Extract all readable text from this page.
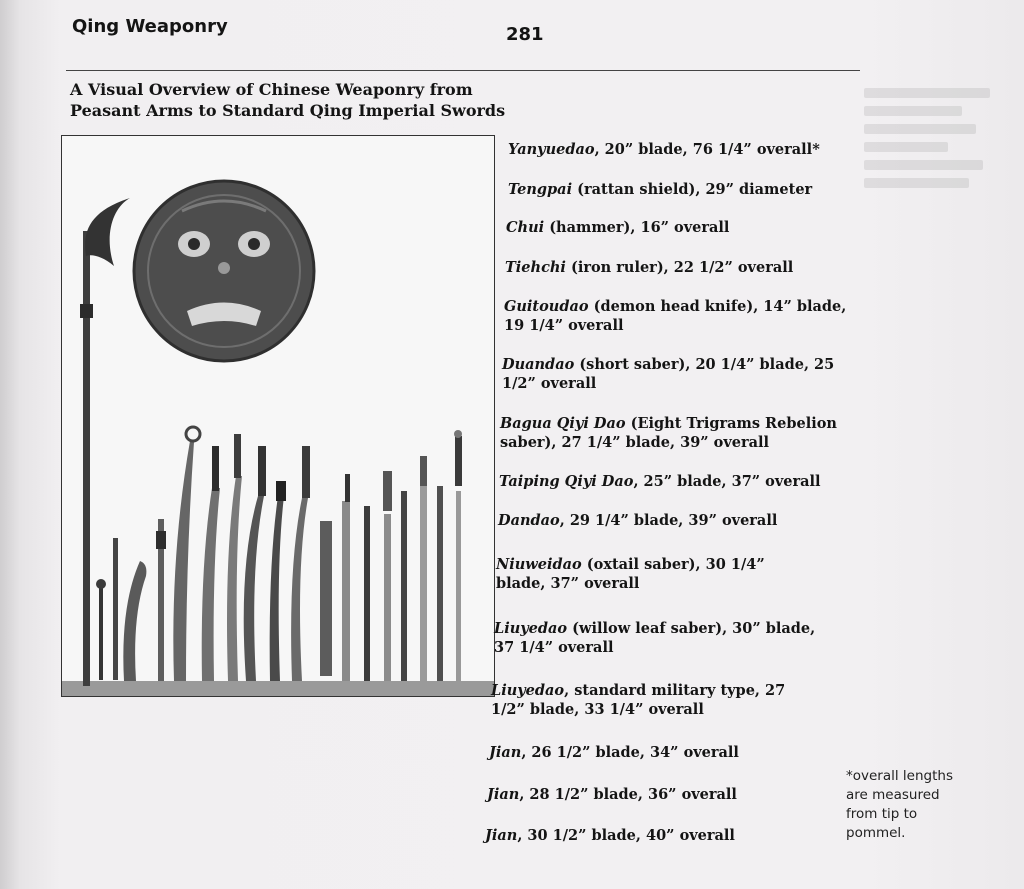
Qing Weaponry	281
A Visual Overview of Chinese Weaponry from
Peasant Arms to Standard Qing Imperial Swords
Yanyuedao, 20” blade, 76 1/4” overall*
Tengpai (rattan shield), 29” diameter
Chui (hammer), 16” overall
Tiehchi (iron ruler), 22 1/2” overall
Guitoudao (demon head knife), 14” blade,
19 1/4” overall
Duandao (short saber), 20 1/4” blade, 25
1/2” overall
Bagua Qiyi Dao (Eight Trigrams Rebelion
saber), 27 1/4” blade, 39” overall
Taiping Qiyi Dao, 25” blade, 37” overall
Dandao, 29 1/4” blade, 39” overall
Niuweidao (oxtail saber), 30 1/4”
blade, 37” overall
Liuyedao (willow leaf saber), 30” blade,
37 1/4” overall
Liuyedao, standard military type, 27
1/2” blade, 33 1/4” overall
Jian, 26 1/2” blade, 34” overall
Jian, 28 1/2” blade, 36” overall
Jian, 30 1/2” blade, 40” overall
*overall lengths
are measured
from tip to
pommel.
